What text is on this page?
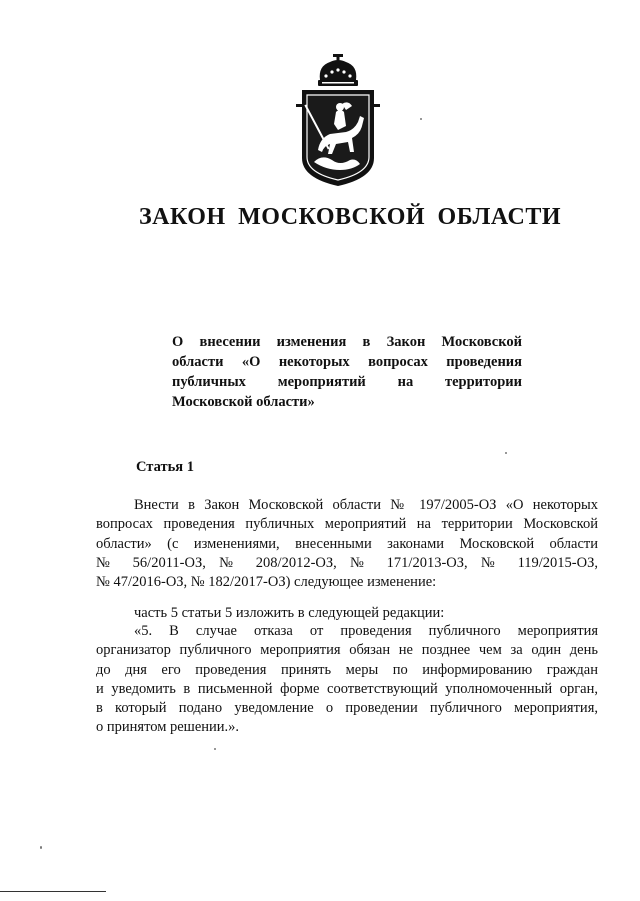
ЗАКОН МОСКОВСКОЙ ОБЛАСТИ
О внесении изменения в Закон Московской
области «О некоторых вопросах проведения
публичных мероприятий на территории
Московской области»
Статья 1
Внести в Закон Московской области № 197/2005-ОЗ «О некоторых
вопросах проведения публичных мероприятий на территории Московской
области» (с изменениями, внесенными законами Московской области
№ 56/2011-ОЗ, № 208/2012-ОЗ, № 171/2013-ОЗ, № 119/2015-ОЗ,
№ 47/2016-ОЗ, № 182/2017-ОЗ) следующее изменение:
часть 5 статьи 5 изложить в следующей редакции:
«5. В случае отказа от проведения публичного мероприятия
организатор публичного мероприятия обязан не позднее чем за один день
до дня его проведения принять меры по информированию граждан
и уведомить в письменной форме соответствующий уполномоченный орган,
в который подано уведомление о проведении публичного мероприятия,
о принятом решении.».
